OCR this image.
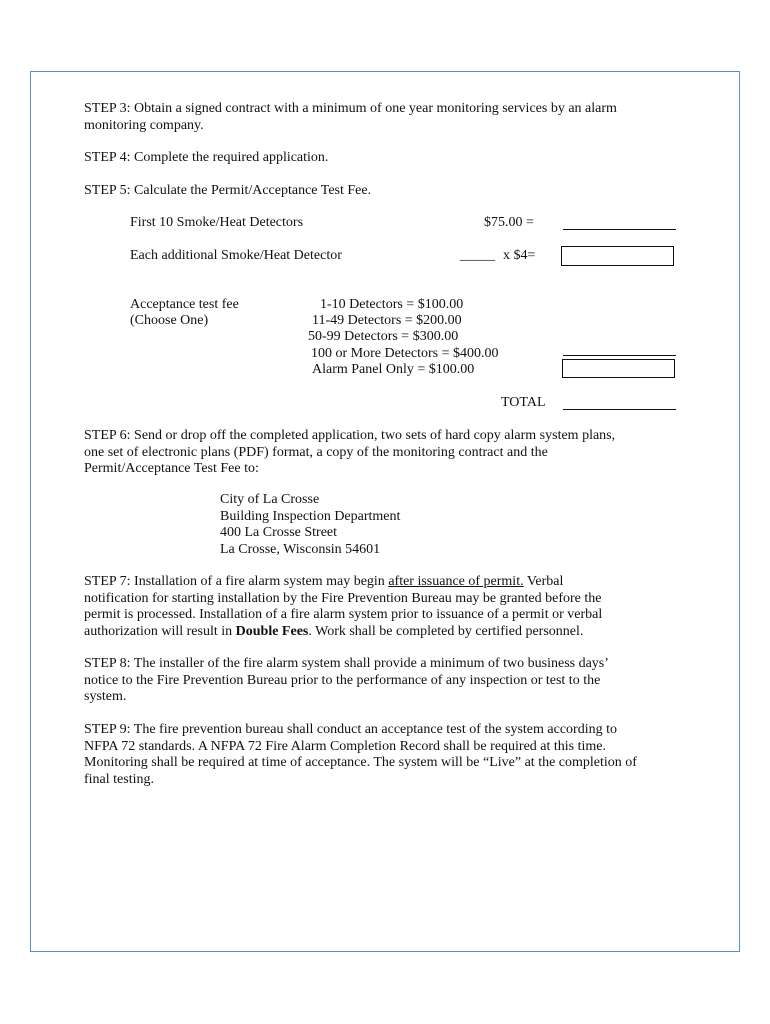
STEP 3: Obtain a signed contract with a minimum of one year monitoring services by an alarm
monitoring company.
STEP 4: Complete the required application.
STEP 5: Calculate the Permit/Acceptance Test Fee.
First 10 Smoke/Heat Detectors	$75.00 =
Each additional Smoke/Heat Detector	_____ x $4=
Acceptance test fee
(Choose One)
1-10 Detectors = $100.00
11-49 Detectors = $200.00
50-99 Detectors = $300.00
100 or More Detectors = $400.00
Alarm Panel Only = $100.00
TOTAL
STEP 6: Send or drop off the completed application, two sets of hard copy alarm system plans,
one set of electronic plans (PDF) format, a copy of the monitoring contract and the
Permit/Acceptance Test Fee to:
City of La Crosse
Building Inspection Department
400 La Crosse Street
La Crosse, Wisconsin 54601
STEP 7: Installation of a fire alarm system may begin after issuance of permit. Verbal
notification for starting installation by the Fire Prevention Bureau may be granted before the
permit is processed. Installation of a fire alarm system prior to issuance of a permit or verbal
authorization will result in Double Fees. Work shall be completed by certified personnel.
STEP 8: The installer of the fire alarm system shall provide a minimum of two business days’
notice to the Fire Prevention Bureau prior to the performance of any inspection or test to the
system.
STEP 9: The fire prevention bureau shall conduct an acceptance test of the system according to
NFPA 72 standards. A NFPA 72 Fire Alarm Completion Record shall be required at this time.
Monitoring shall be required at time of acceptance. The system will be “Live” at the completion of
final testing.
